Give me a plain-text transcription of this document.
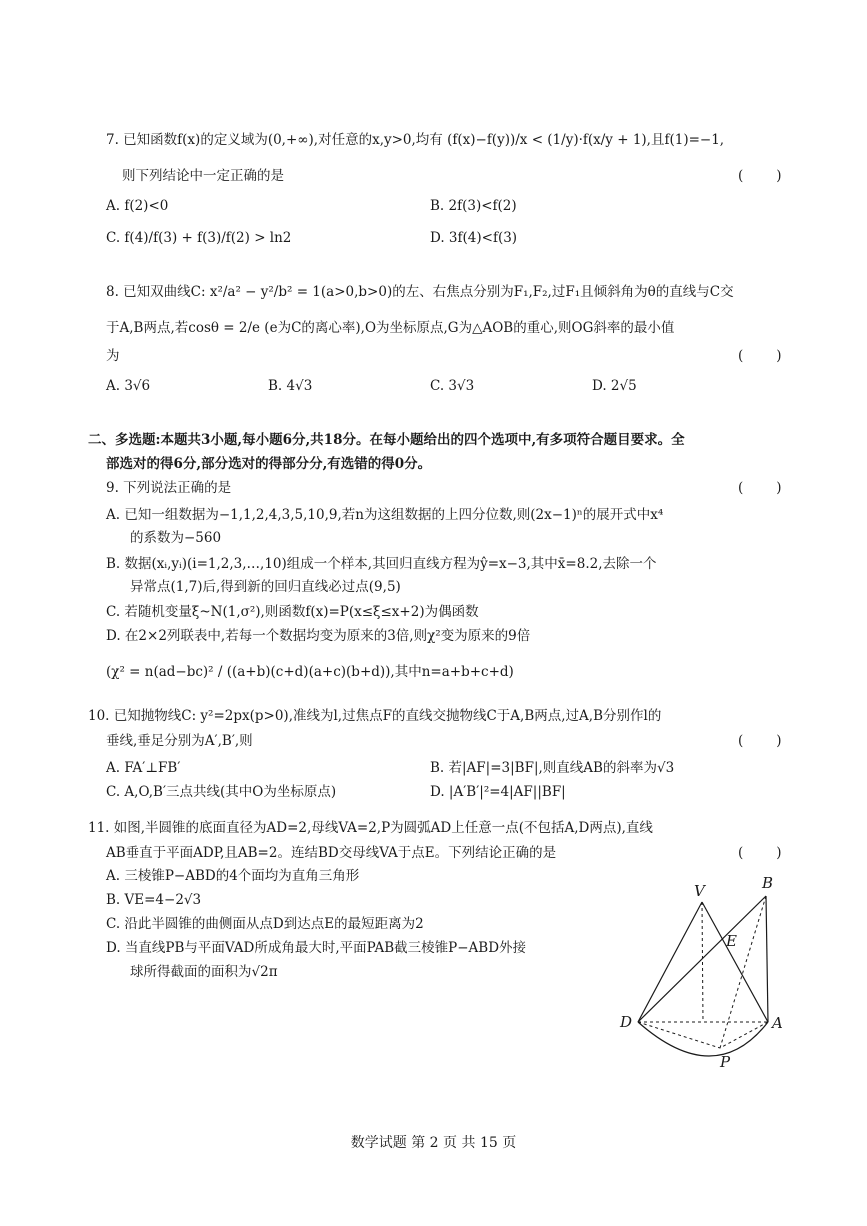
7. 已知函数f(x)的定义域为(0,+∞),对任意的x,y>0,均有 (f(x)−f(y))/x < (1/y)·f(x/y + 1),且f(1)=−1,
则下列结论中一定正确的是	(　　)
A. f(2)<0	B. 2f(3)<f(2)
C. f(4)/f(3) + f(3)/f(2) > ln2	D. 3f(4)<f(3)
8. 已知双曲线C: x²/a² − y²/b² = 1(a>0,b>0)的左、右焦点分别为F₁,F₂,过F₁且倾斜角为θ的直线与C交
于A,B两点,若cosθ = 2/e (e为C的离心率),O为坐标原点,G为△AOB的重心,则OG斜率的最小值
为	(　　)
A. 3√6	B. 4√3	C. 3√3	D. 2√5
二、多选题:本题共3小题,每小题6分,共18分。在每小题给出的四个选项中,有多项符合题目要求。全
部选对的得6分,部分选对的得部分分,有选错的得0分。
9. 下列说法正确的是	(　　)
A. 已知一组数据为−1,1,2,4,3,5,10,9,若n为这组数据的上四分位数,则(2x−1)ⁿ的展开式中x⁴
的系数为−560
B. 数据(xᵢ,yᵢ)(i=1,2,3,…,10)组成一个样本,其回归直线方程为ŷ=x−3,其中x̄=8.2,去除一个
异常点(1,7)后,得到新的回归直线必过点(9,5)
C. 若随机变量ξ~N(1,σ²),则函数f(x)=P(x≤ξ≤x+2)为偶函数
D. 在2×2列联表中,若每一个数据均变为原来的3倍,则χ²变为原来的9倍
(χ² = n(ad−bc)² / ((a+b)(c+d)(a+c)(b+d)),其中n=a+b+c+d)
10. 已知抛物线C: y²=2px(p>0),准线为l,过焦点F的直线交抛物线C于A,B两点,过A,B分别作l的
垂线,垂足分别为A′,B′,则	(　　)
A. FA′⊥FB′	B. 若|AF|=3|BF|,则直线AB的斜率为√3
C. A,O,B′三点共线(其中O为坐标原点)	D. |A′B′|²=4|AF||BF|
11. 如图,半圆锥的底面直径为AD=2,母线VA=2,P为圆弧AD上任意一点(不包括A,D两点),直线
AB垂直于平面ADP,且AB=2。连结BD交母线VA于点E。下列结论正确的是	(　　)
A. 三棱锥P−ABD的4个面均为直角三角形
B. VE=4−2√3
C. 沿此半圆锥的曲侧面从点D到达点E的最短距离为2
D. 当直线PB与平面VAD所成角最大时,平面PAB截三棱锥P−ABD外接
球所得截面的面积为√2π
V	B
E
D	A
P
数学试题 第 2 页 共 15 页
